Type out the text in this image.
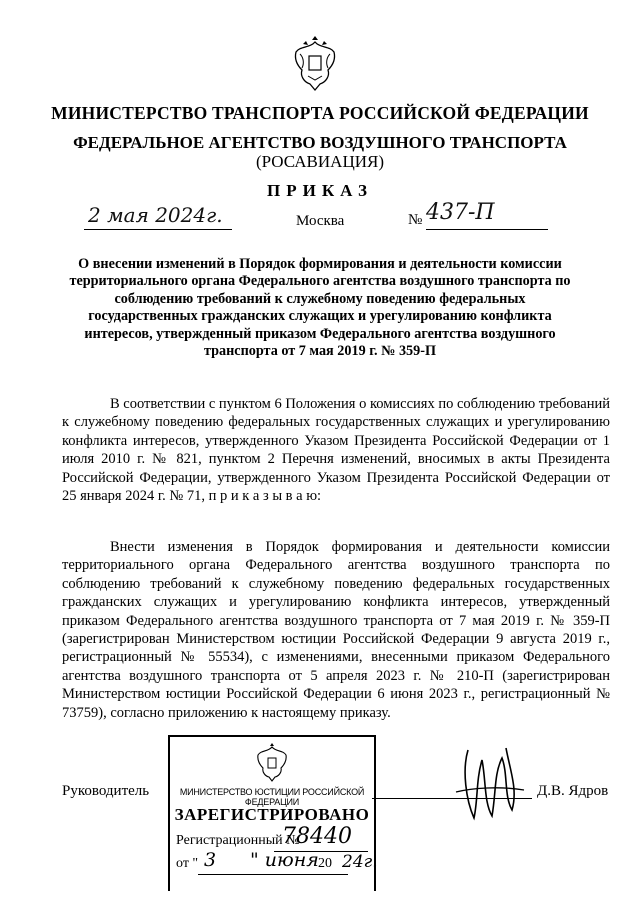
МИНИСТЕРСТВО ТРАНСПОРТА РОССИЙСКОЙ ФЕДЕРАЦИИ
ФЕДЕРАЛЬНОЕ АГЕНТСТВО ВОЗДУШНОГО ТРАНСПОРТА
(РОСАВИАЦИЯ)
ПРИКАЗ
2 мая 2024г.	Москва	№ 437-П
О внесении изменений в Порядок формирования и деятельности комиссии территориального органа Федерального агентства воздушного транспорта по соблюдению требований к служебному поведению федеральных государственных гражданских служащих и урегулированию конфликта интересов, утвержденный приказом Федерального агентства воздушного транспорта от 7 мая 2019 г. № 359-П
В соответствии с пунктом 6 Положения о комиссиях по соблюдению требований к служебному поведению федеральных государственных служащих и урегулированию конфликта интересов, утвержденного Указом Президента Российской Федерации от 1 июля 2010 г. № 821, пунктом 2 Перечня изменений, вносимых в акты Президента Российской Федерации, утвержденного Указом Президента Российской Федерации от 25 января 2024 г. № 71, п р и к а з ы в а ю:
Внести изменения в Порядок формирования и деятельности комиссии территориального органа Федерального агентства воздушного транспорта по соблюдению требований к служебному поведению федеральных государственных гражданских служащих и урегулированию конфликта интересов, утвержденный приказом Федерального агентства воздушного транспорта от 7 мая 2019 г. № 359-П (зарегистрирован Министерством юстиции Российской Федерации 9 августа 2019 г., регистрационный № 55534), с изменениями, внесенными приказом Федерального агентства воздушного транспорта от 5 апреля 2023 г. № 210-П (зарегистрирован Министерством юстиции Российской Федерации 6 июня 2023 г., регистрационный № 73759), согласно приложению к настоящему приказу.
Руководитель	Д.В. Ядров
МИНИСТЕРСТВО ЮСТИЦИИ РОССИЙСКОЙ ФЕДЕРАЦИИ
ЗАРЕГИСТРИРОВАНО
Регистрационный №
78440
от " 3 " июня 20 24г.
